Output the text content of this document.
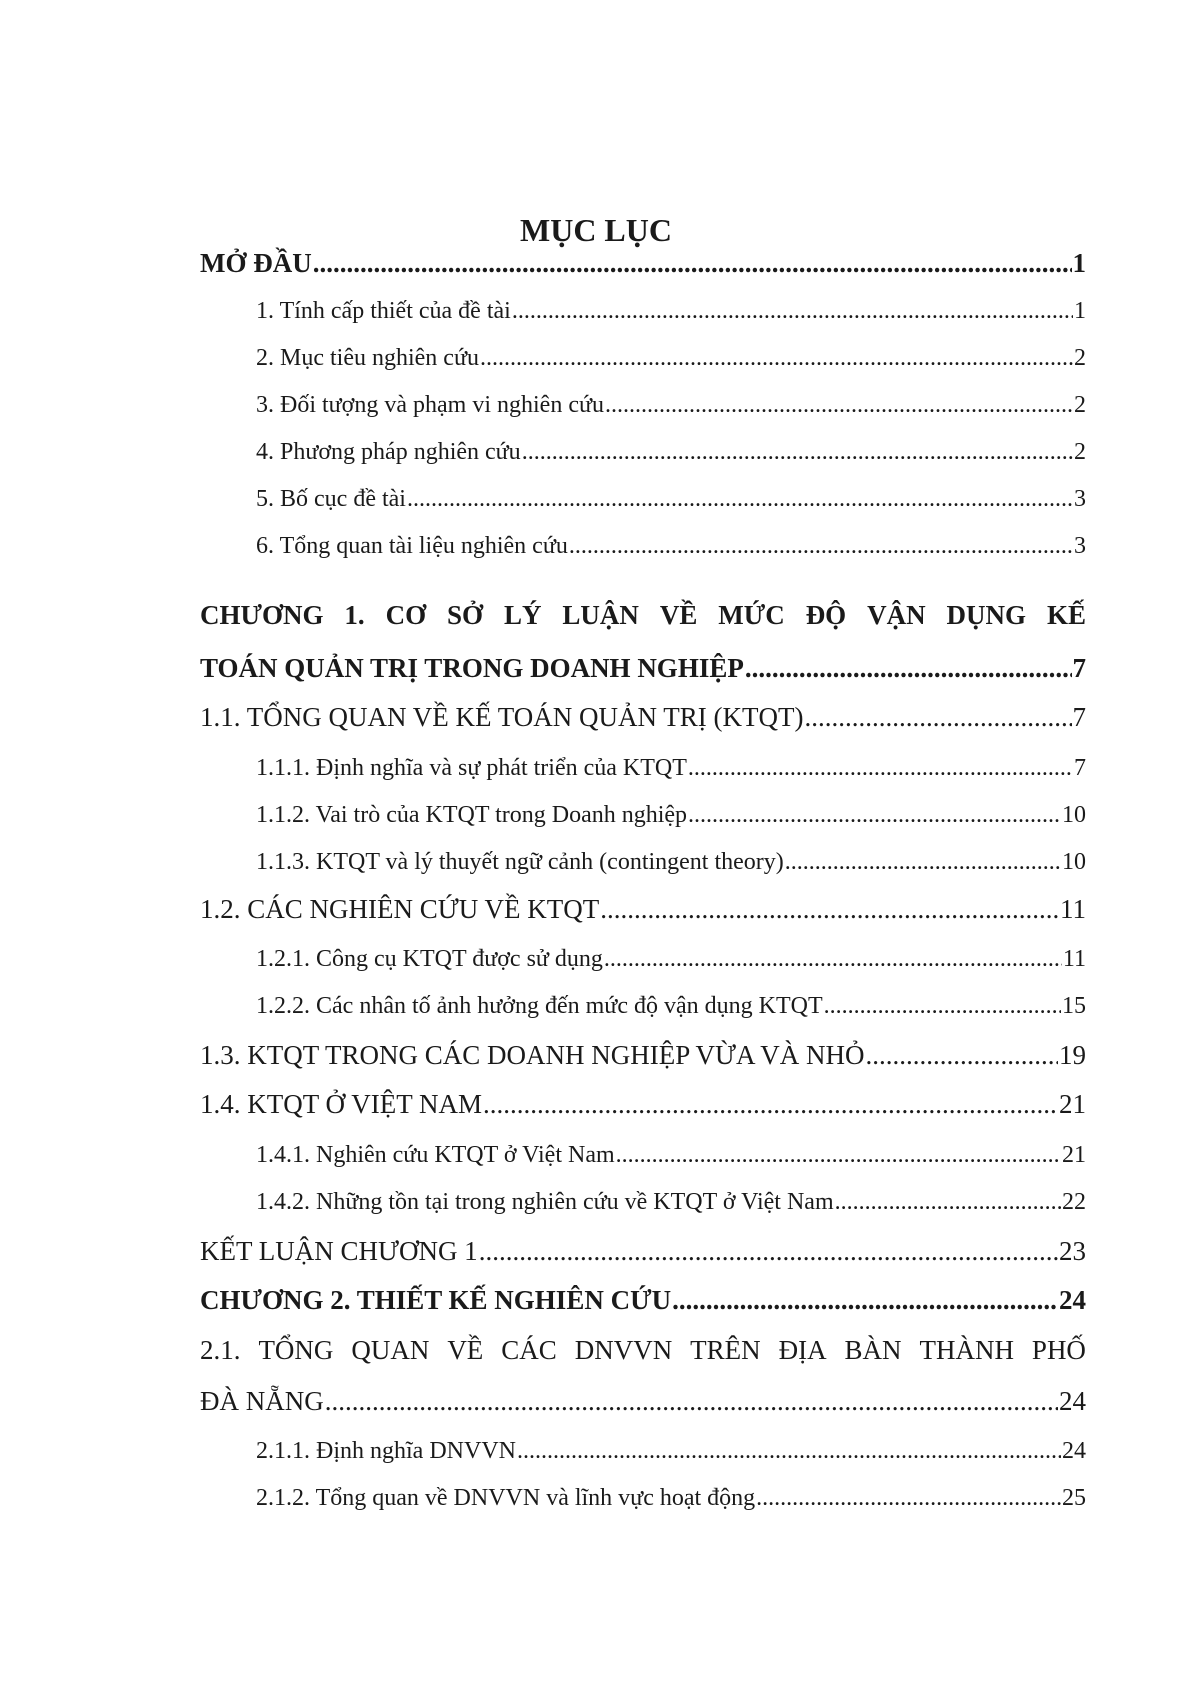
MỤC LỤC
MỞ ĐẦU .....	1
1. Tính cấp thiết của đề tài .....	1
2. Mục tiêu nghiên cứu .....	2
3. Đối tượng và phạm vi nghiên cứu .....	2
4. Phương pháp nghiên cứu .....	2
5. Bố cục đề tài .....	3
6. Tổng quan tài liệu nghiên cứu .....	3
CHƯƠNG 1. CƠ SỞ LÝ LUẬN VỀ MỨC ĐỘ VẬN DỤNG KẾ
TOÁN QUẢN TRỊ TRONG DOANH NGHIỆP .....	7
1.1. TỔNG QUAN VỀ KẾ TOÁN QUẢN TRỊ (KTQT) .....	7
1.1.1. Định nghĩa và sự phát triển của KTQT .....	7
1.1.2. Vai trò của KTQT trong Doanh nghiệp .....	10
1.1.3. KTQT và lý thuyết ngữ cảnh (contingent theory) .....	10
1.2. CÁC NGHIÊN CỨU VỀ KTQT .....	11
1.2.1. Công cụ KTQT được sử dụng .....	11
1.2.2. Các nhân tố ảnh hưởng đến mức độ vận dụng KTQT .....	15
1.3. KTQT TRONG CÁC DOANH NGHIỆP VỪA VÀ NHỎ .....	19
1.4. KTQT Ở VIỆT NAM .....	21
1.4.1. Nghiên cứu KTQT ở Việt Nam .....	21
1.4.2. Những tồn tại trong nghiên cứu về KTQT ở Việt Nam .....	22
KẾT LUẬN CHƯƠNG 1 .....	23
CHƯƠNG 2. THIẾT KẾ NGHIÊN CỨU .....	24
2.1. TỔNG QUAN VỀ CÁC DNVVN TRÊN ĐỊA BÀN THÀNH PHỐ
ĐÀ NẴNG .....	24
2.1.1. Định nghĩa DNVVN .....	24
2.1.2. Tổng quan về DNVVN và lĩnh vực hoạt động .....	25
